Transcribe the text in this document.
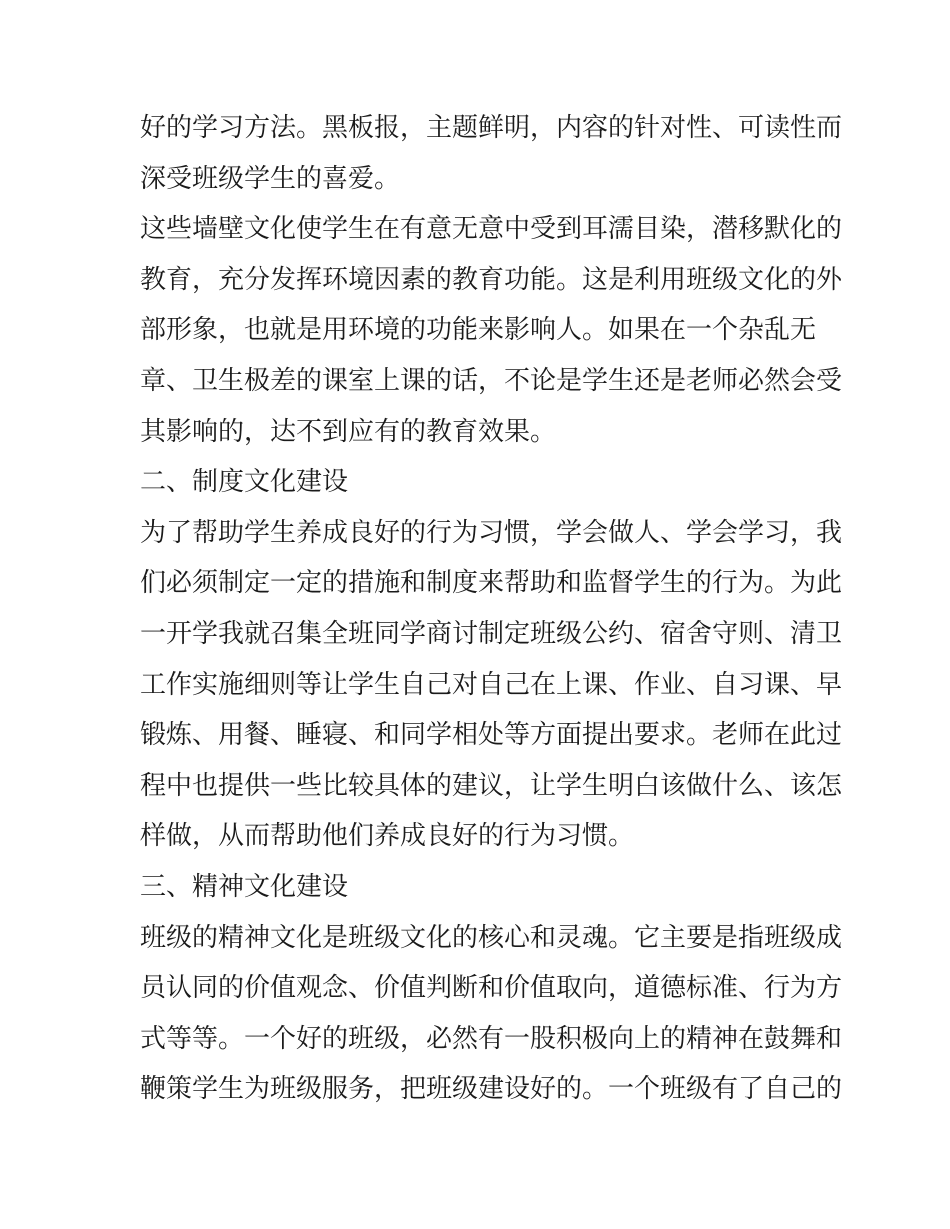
好的学习方法。黑板报，主题鲜明，内容的针对性、可读性而
深受班级学生的喜爱。
这些墙壁文化使学生在有意无意中受到耳濡目染，潜移默化的
教育，充分发挥环境因素的教育功能。这是利用班级文化的外
部形象，也就是用环境的功能来影响人。如果在一个杂乱无
章、卫生极差的课室上课的话，不论是学生还是老师必然会受
其影响的，达不到应有的教育效果。
二、制度文化建设
为了帮助学生养成良好的行为习惯，学会做人、学会学习，我
们必须制定一定的措施和制度来帮助和监督学生的行为。为此
一开学我就召集全班同学商讨制定班级公约、宿舍守则、清卫
工作实施细则等让学生自己对自己在上课、作业、自习课、早
锻炼、用餐、睡寝、和同学相处等方面提出要求。老师在此过
程中也提供一些比较具体的建议，让学生明白该做什么、该怎
样做，从而帮助他们养成良好的行为习惯。
三、精神文化建设
班级的精神文化是班级文化的核心和灵魂。它主要是指班级成
员认同的价值观念、价值判断和价值取向，道德标准、行为方
式等等。一个好的班级，必然有一股积极向上的精神在鼓舞和
鞭策学生为班级服务，把班级建设好的。一个班级有了自己的
